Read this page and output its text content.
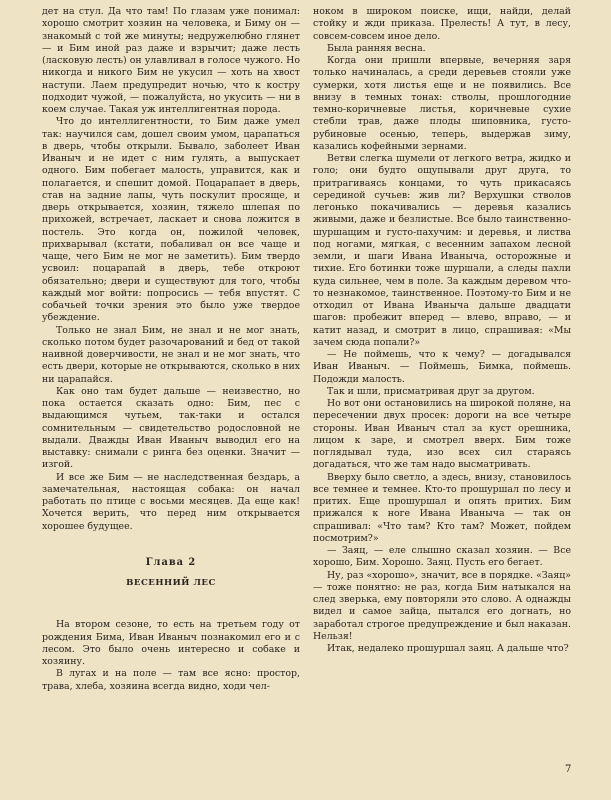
дет на стул. Да что там! По глазам уже понимал: хорошо смотрит хозяин на человека, и Биму он — знакомый с той же минуты; недружелюбно глянет — и Бим иной раз даже и взрычит; даже лесть (ласковую лесть) он улавливал в голосе чужого. Но никогда и никого Бим не укусил — хоть на хвост наступи. Лаем предупредит ночью, что к костру подходит чужой, — пожалуйста, но укусить — ни в коем случае. Такая уж интеллигентная порода.

Что до интеллигентности, то Бим даже умел так: научился сам, дошел своим умом, царапаться в дверь, чтобы открыли. Бывало, заболеет Иван Иваныч и не идет с ним гулять, а выпускает одного. Бим побегает малость, управится, как и полагается, и спешит домой. Поцарапает в дверь, став на задние лапы, чуть поскулит просяще, и дверь открывается, хозяин, тяжело шлепая по прихожей, встречает, ласкает и снова ложится в постель. Это когда он, пожилой человек, прихварывал (кстати, побаливал он все чаще и чаще, чего Бим не мог не заметить). Бим твердо усвоил: поцарапай в дверь, тебе откроют обязательно; двери и существуют для того, чтобы каждый мог войти: попросись — тебя впустят. С собачьей точки зрения это было уже твердое убеждение.

Только не знал Бим, не знал и не мог знать, сколько потом будет разочарований и бед от такой наивной доверчивости, не знал и не мог знать, что есть двери, которые не открываются, сколько в них ни царапайся.

Как оно там будет дальше — неизвестно, но пока остается сказать одно: Бим, пес с выдающимся чутьем, так-таки и остался сомнительным — свидетельство родословной не выдали. Дважды Иван Иваныч выводил его на выставку: снимали с ринга без оценки. Значит — изгой.

И все же Бим — не наследственная бездарь, а замечательная, настоящая собака: он начал работать по птице с восьми месяцев. Да еще как! Хочется верить, что перед ним открывается хорошее будущее.

Глава 2
ВЕСЕННИЙ ЛЕС

На втором сезоне, то есть на третьем году от рождения Бима, Иван Иваныч познакомил его и с лесом. Это было очень интересно и собаке и хозяину.

В лугах и на поле — там все ясно: простор, трава, хлеба, хозяина всегда видно, ходи чел-

ноком в широком поиске, ищи, найди, делай стойку и жди приказа. Прелесть! А тут, в лесу, совсем-совсем иное дело.

Была ранняя весна.

Когда они пришли впервые, вечерняя заря только начиналась, а среди деревьев стояли уже сумерки, хотя листья еще и не появились. Все внизу в темных тонах: стволы, прошлогодние темно-коричневые листья, коричневые сухие стебли трав, даже плоды шиповника, густо-рубиновые осенью, теперь, выдержав зиму, казались кофейными зернами.

Ветви слегка шумели от легкого ветра, жидко и голо; они будто ощупывали друг друга, то притрагиваясь концами, то чуть прикасаясь серединой сучьев: жив ли? Верхушки стволов легонько покачивались — деревья казались живыми, даже и безлистые. Все было таинственно-шуршащим и густо-пахучим: и деревья, и листва под ногами, мягкая, с весенним запахом лесной земли, и шаги Ивана Иваныча, осторожные и тихие. Его ботинки тоже шуршали, а следы пахли куда сильнее, чем в поле. За каждым деревом что-то незнакомое, таинственное. Поэтому-то Бим и не отходил от Ивана Иваныча дальше двадцати шагов: пробежит вперед — влево, вправо, — и катит назад, и смотрит в лицо, спрашивая: «Мы зачем сюда попали?»

— Не поймешь, что к чему? — догадывался Иван Иваныч. — Поймешь, Бимка, поймешь. Подожди малость.

Так и шли, присматривая друг за другом.

Но вот они остановились на широкой поляне, на пересечении двух просек: дороги на все четыре стороны. Иван Иваныч стал за куст орешника, лицом к заре, и смотрел вверх. Бим тоже поглядывал туда, изо всех сил стараясь догадаться, что же там надо высматривать.

Вверху было светло, а здесь, внизу, становилось все темнее и темнее. Кто-то прошуршал по лесу и притих. Еще прошуршал и опять притих. Бим прижался к ноге Ивана Иваныча — так он спрашивал: «Что там? Кто там? Может, пойдем посмотрим?»

— Заяц, — еле слышно сказал хозяин. — Все хорошо, Бим. Хорошо. Заяц. Пусть его бегает.

Ну, раз «хорошо», значит, все в порядке. «Заяц» — тоже понятно: не раз, когда Бим натыкался на след зверька, ему повторяли это слово. А однажды видел и самое зайца, пытался его догнать, но заработал строгое предупреждение и был наказан. Нельзя!

Итак, недалеко прошуршал заяц. А дальше что?

7
